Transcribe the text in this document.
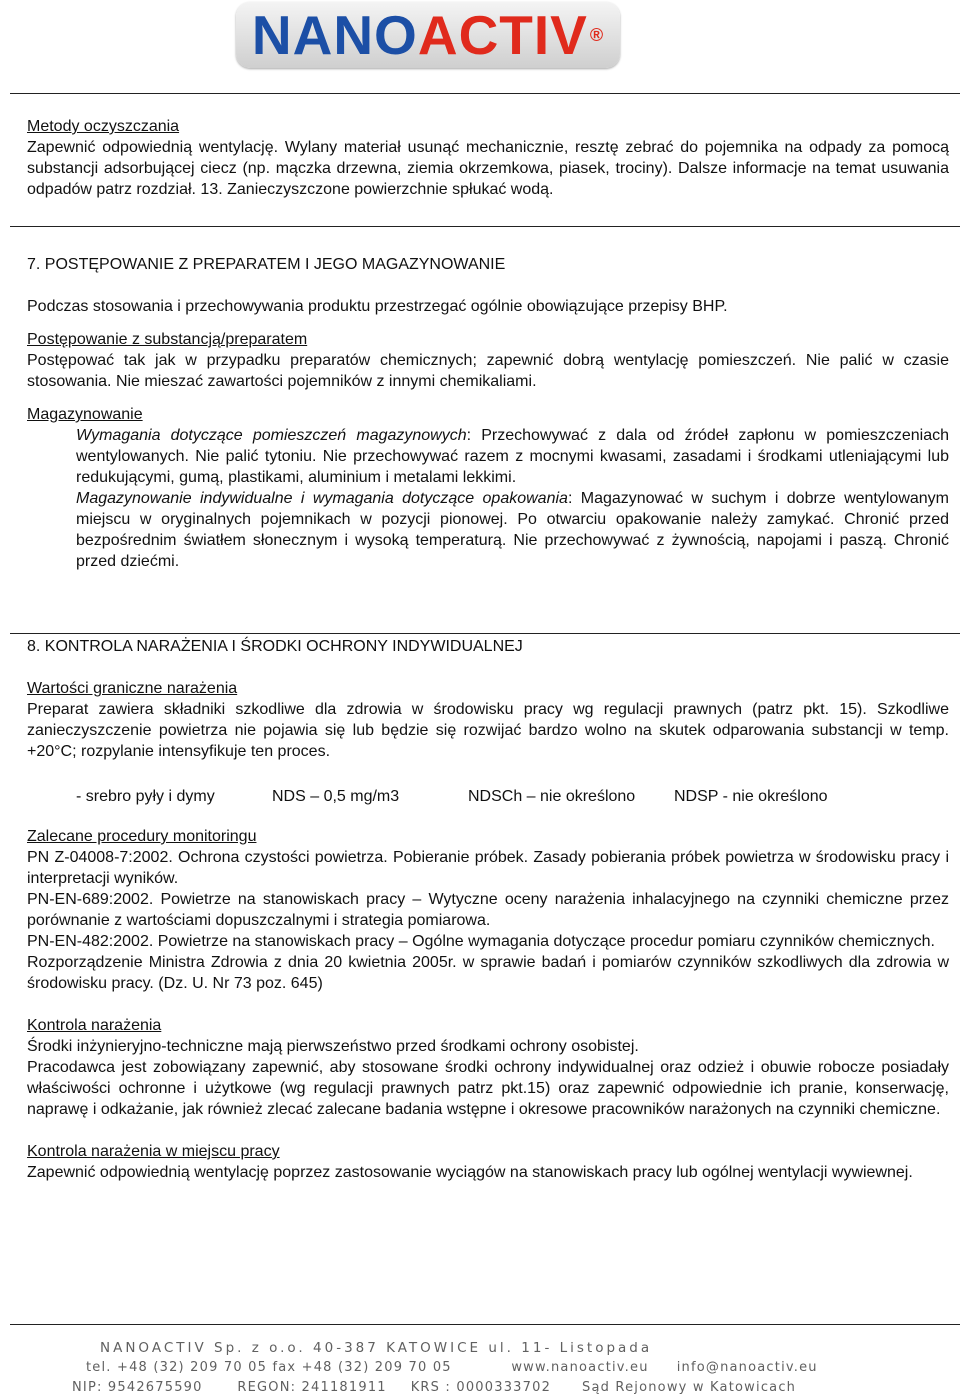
NANO ACTIV ®

Metody oczyszczania

Zapewnić odpowiednią wentylację. Wylany materiał usunąć mechanicznie, resztę zebrać do pojemnika na odpady za pomocą substancji adsorbującej ciecz (np. mączka drzewna, ziemia okrzemkowa, piasek, trociny). Dalsze informacje na temat usuwania odpadów patrz rozdział. 13. Zanieczyszczone powierzchnie spłukać wodą.

7. POSTĘPOWANIE Z PREPARATEM I JEGO MAGAZYNOWANIE

Podczas stosowania i przechowywania produktu przestrzegać ogólnie obowiązujące przepisy BHP.

Postępowanie z substancją/preparatem

Postępować tak jak w przypadku preparatów chemicznych; zapewnić dobrą wentylację pomieszczeń. Nie palić w czasie stosowania. Nie mieszać zawartości pojemników z innymi chemikaliami.

Magazynowanie

Wymagania dotyczące pomieszczeń magazynowych: Przechowywać z dala od źródeł zapłonu w pomieszczeniach wentylowanych. Nie palić tytoniu. Nie przechowywać razem z mocnymi kwasami, zasadami i środkami utleniającymi lub redukującymi, gumą, plastikami, aluminium i metalami lekkimi.

Magazynowanie indywidualne i wymagania dotyczące opakowania: Magazynować w suchym i dobrze wentylowanym miejscu w oryginalnych pojemnikach w pozycji pionowej. Po otwarciu opakowanie należy zamykać. Chronić przed bezpośrednim światłem słonecznym i wysoką temperaturą. Nie przechowywać z żywnością, napojami i paszą. Chronić przed dziećmi.

8. KONTROLA NARAŻENIA I ŚRODKI OCHRONY INDYWIDUALNEJ

Wartości graniczne narażenia

Preparat zawiera składniki szkodliwe dla zdrowia w środowisku pracy wg regulacji prawnych (patrz pkt. 15). Szkodliwe zanieczyszczenie powietrza nie pojawia się lub będzie się rozwijać bardzo wolno na skutek odparowania substancji w temp. +20°C; rozpylanie intensyfikuje ten proces.

- srebro pyły i dymy	NDS – 0,5 mg/m3	NDSCh – nie określono	NDSP - nie określono

Zalecane procedury monitoringu

PN Z-04008-7:2002. Ochrona czystości powietrza. Pobieranie próbek. Zasady pobierania próbek powietrza w środowisku pracy i interpretacji wyników.

PN-EN-689:2002. Powietrze na stanowiskach pracy – Wytyczne oceny narażenia inhalacyjnego na czynniki chemiczne przez porównanie z wartościami dopuszczalnymi i strategia pomiarowa.

PN-EN-482:2002. Powietrze na stanowiskach pracy – Ogólne wymagania dotyczące procedur pomiaru czynników chemicznych.

Rozporządzenie Ministra Zdrowia z dnia 20 kwietnia 2005r. w sprawie badań i pomiarów czynników szkodliwych dla zdrowia w środowisku pracy. (Dz. U. Nr 73 poz. 645)

Kontrola narażenia

Środki inżynieryjno-techniczne mają pierwszeństwo przed środkami ochrony osobistej.

Pracodawca jest zobowiązany zapewnić, aby stosowane środki ochrony indywidualnej oraz odzież i obuwie robocze posiadały właściwości ochronne i użytkowe (wg regulacji prawnych patrz pkt.15) oraz zapewnić odpowiednie ich pranie, konserwację, naprawę i odkażanie, jak również zlecać zalecane badania wstępne i okresowe pracowników narażonych na czynniki chemiczne.

Kontrola narażenia w miejscu pracy

Zapewnić odpowiednią wentylację poprzez zastosowanie wyciągów na stanowiskach pracy lub ogólnej wentylacji wywiewnej.

NANOACTIV Sp. z o.o. 40-387 KATOWICE ul. 11- Listopada
tel. +48 (32) 209 70 05 fax +48 (32) 209 70 05	www.nanoactiv.eu info@nanoactiv.eu
NIP: 9542675590	REGON: 241181911 KRS : 0000333702 Sąd Rejonowy w Katowicach
